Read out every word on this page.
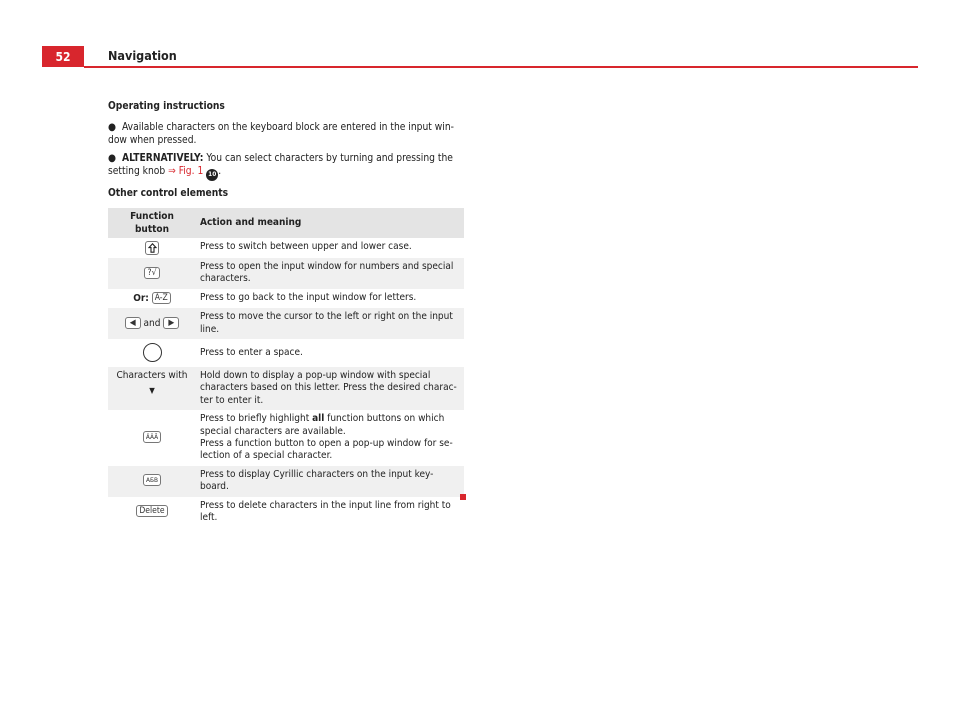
52	Navigation
Operating instructions

● Available characters on the keyboard block are entered in the input win-dow when pressed.

● ALTERNATIVELY: You can select characters by turning and pressing the setting knob ⇒ Fig. 1 10 .

Other control elements
Function button	Action and meaning

	Press to switch between upper and lower case.
?√	Press to open the input window for numbers and special characters.
Or: A-Z	Press to go back to the input window for letters.
◀ and ▶	Press to move the cursor to the left or right on the input line.
	Press to enter a space.

Characters with
▼	Hold down to display a pop-up window with special characters based on this letter. Press the desired charac-ter to enter it.
ÄÂÃ	Press to briefly highlight all function buttons on which special characters are available.
Press a function button to open a pop-up window for se-lection of a special character.
АБВ	Press to display Cyrillic characters on the input key-board.
Delete	Press to delete characters in the input line from right to left.
